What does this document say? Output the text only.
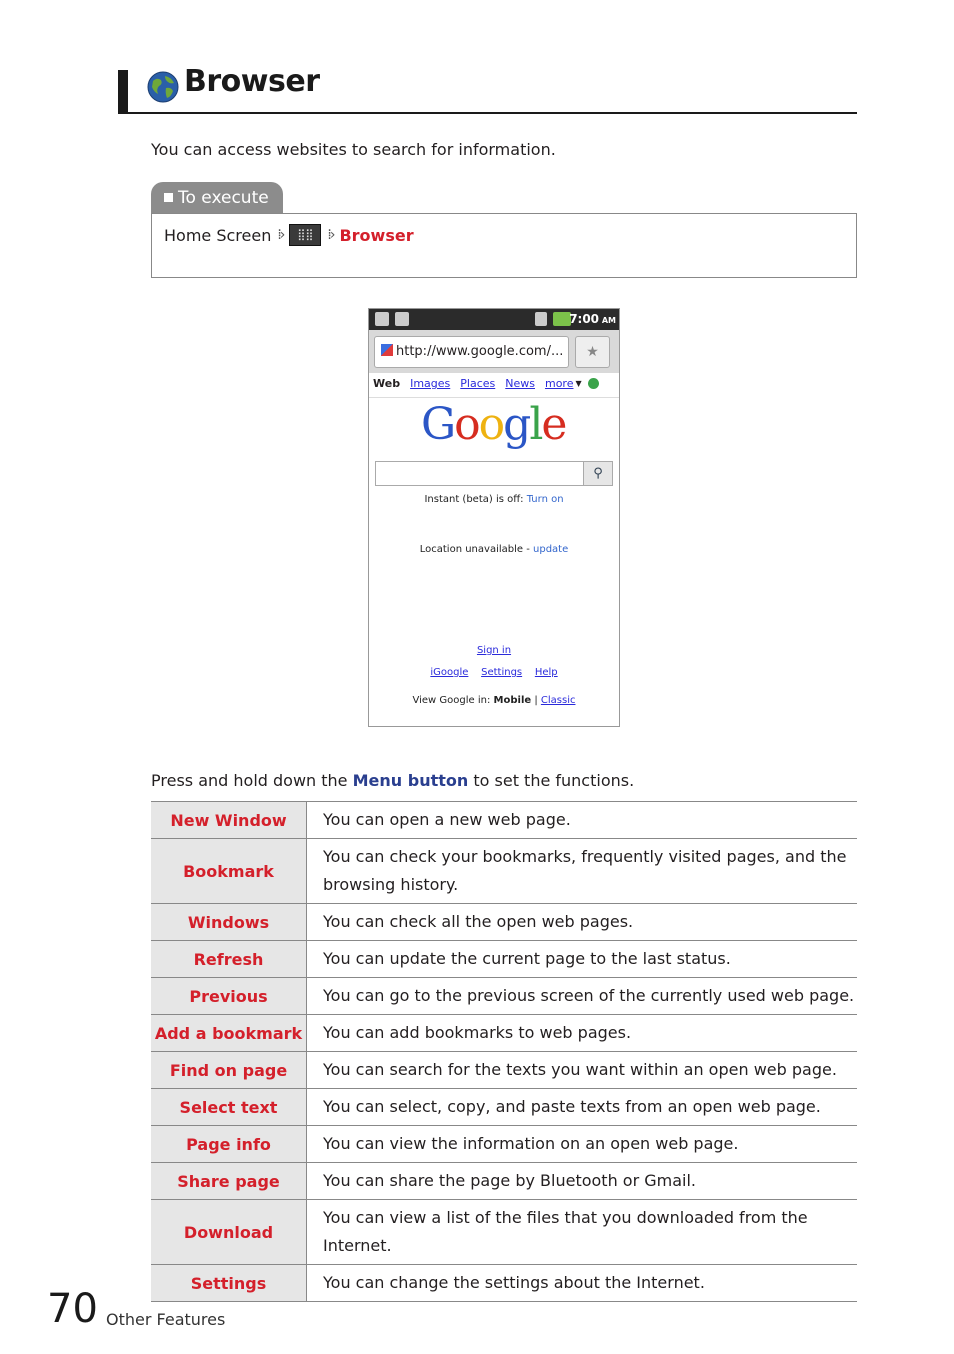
Browser
You can access websites to search for information.
To execute
Home Screen ⁞›	⣿⣿ ⁞› Browser
7:00 AM
http://www.google.com/...	★
Web Images Places News more ▼
Google
⚲
Instant (beta) is off: Turn on
Location unavailable - update
Sign in
iGoogle Settings Help
View Google in: Mobile | Classic
Press and hold down the Menu button to set the functions.
New Window	You can open a new web page.
Bookmark	You can check your bookmarks, frequently visited pages, and the browsing history.
Windows	You can check all the open web pages.
Refresh	You can update the current page to the last status.
Previous	You can go to the previous screen of the currently used web page.
Add a bookmark	You can add bookmarks to web pages.
Find on page	You can search for the texts you want within an open web page.
Select text	You can select, copy, and paste texts from an open web page.
Page info	You can view the information on an open web page.
Share page	You can share the page by Bluetooth or Gmail.
Download	You can view a list of the files that you downloaded from the Internet.
Settings	You can change the settings about the Internet.
70 Other Features
